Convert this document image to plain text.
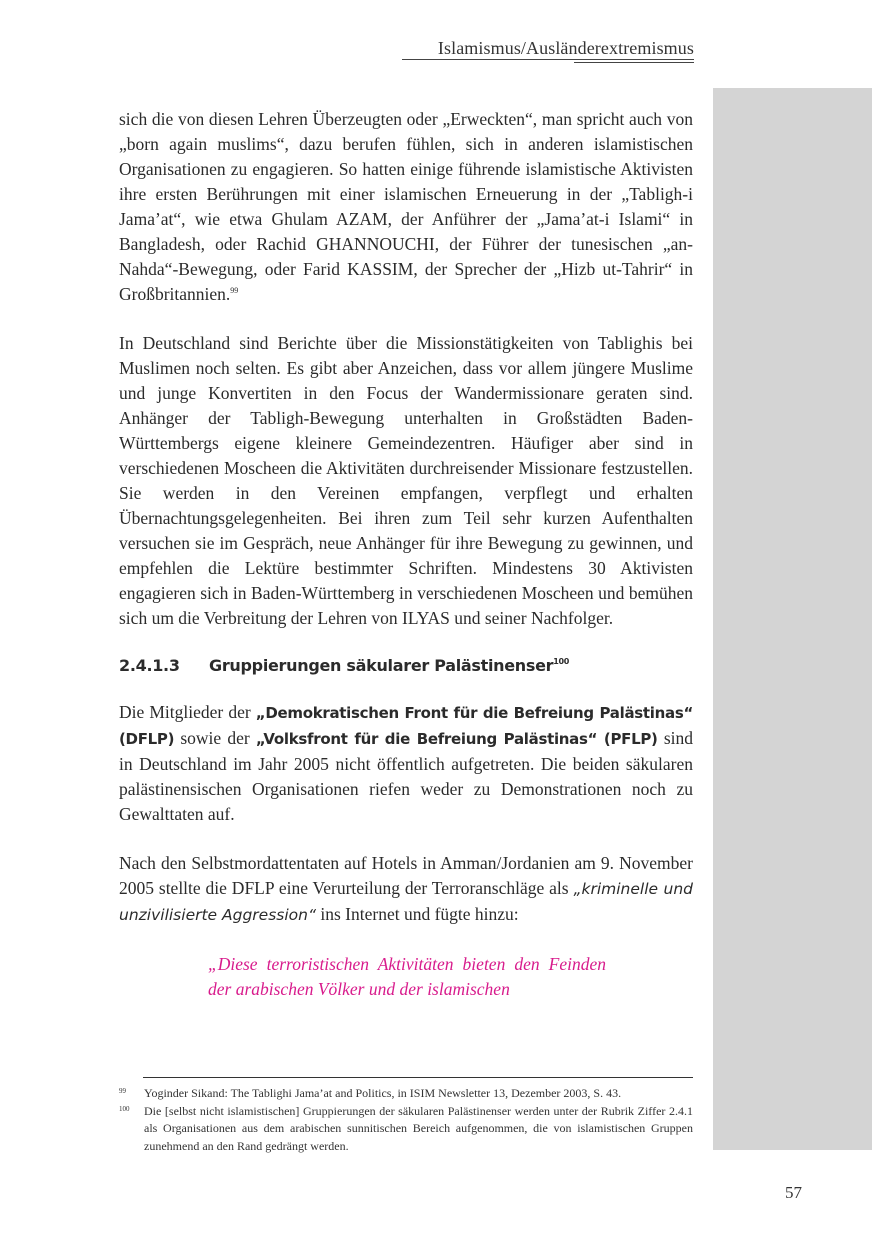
Islamismus/Ausländerextremismus

sich die von diesen Lehren Überzeugten oder „Erweckten“, man spricht auch von „born again muslims“, dazu berufen fühlen, sich in anderen islamistischen Organisationen zu engagieren. So hatten einige führende islamistische Aktivisten ihre ersten Berührungen mit einer islamischen Erneuerung in der „Tabligh-i Jama’at“, wie etwa Ghulam AZAM, der Anführer der „Jama’at-i Islami“ in Bangladesh, oder Rachid GHANNOUCHI, der Führer der tunesischen „an-Nahda“-Bewegung, oder Farid KASSIM, der Sprecher der „Hizb ut-Tahrir“ in Großbritannien.$^{99}$

In Deutschland sind Berichte über die Missionstätigkeiten von Tablighis bei Muslimen noch selten. Es gibt aber Anzeichen, dass vor allem jüngere Muslime und junge Konvertiten in den Focus der Wandermissionare geraten sind. Anhänger der Tabligh-Bewegung unterhalten in Großstädten Baden-Württembergs eigene kleinere Gemeindezentren. Häufiger aber sind in verschiedenen Moscheen die Aktivitäten durchreisender Missionare festzustellen. Sie werden in den Vereinen empfangen, verpflegt und erhalten Übernachtungsgelegenheiten. Bei ihren zum Teil sehr kurzen Aufenthalten versuchen sie im Gespräch, neue Anhänger für ihre Bewegung zu gewinnen, und empfehlen die Lektüre bestimmter Schriften. Mindestens 30 Aktivisten engagieren sich in Baden-Württemberg in verschiedenen Moscheen und bemühen sich um die Verbreitung der Lehren von ILYAS und seiner Nachfolger.

2.4.1.3 Gruppierungen säkularer Palästinenser$^{100}$

Die Mitglieder der „Demokratischen Front für die Befreiung Palästinas“ (DFLP) sowie der „Volksfront für die Befreiung Palästinas“ (PFLP) sind in Deutschland im Jahr 2005 nicht öffentlich aufgetreten. Die beiden säkularen palästinensischen Organisationen riefen weder zu Demonstrationen noch zu Gewalttaten auf.

Nach den Selbstmordattentaten auf Hotels in Amman/Jordanien am 9. November 2005 stellte die DFLP eine Verurteilung der Terroranschläge als „kriminelle und unzivilisierte Aggression“ ins Internet und fügte hinzu:

„Diese terroristischen Aktivitäten bieten den Feinden der arabischen Völker und der islamischen
99 Yoginder Sikand: The Tablighi Jama’at and Politics, in ISIM Newsletter 13, Dezember 2003, S. 43.
100 Die [selbst nicht islamistischen] Gruppierungen der säkularen Palästinenser werden unter der Rubrik Ziffer 2.4.1 als Organisationen aus dem arabischen sunnitischen Bereich aufgenommen, die von islamistischen Gruppen zunehmend an den Rand gedrängt werden.
57
